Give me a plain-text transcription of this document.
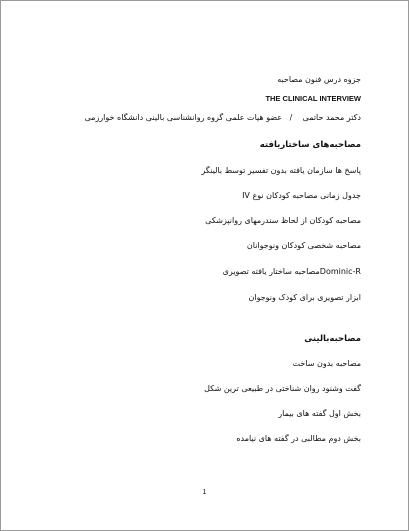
جزوه درس فنون مصاحبه
THE CLINICAL INTERVIEW
دکتر محمد حاتمی    /   عضو هیات علمی گروه روانشناسی بالینی دانشگاه خوارزمی
مصاحبه‌های ساختاریافته
پاسخ ها سازمان یافته بدون تفسیر توسط بالینگر
جدول زمانی مصاحبه کودکان نوع IV
مصاحبه کودکان از لحاظ سندرمهای روانپزشکی
مصاحبه شخصی کودکان ونوجوانان
Dominic-Rمصاحبه ساختار یافته تصویری
ابزار تصویری برای کودک ونوجوان
مصاحبه‌بالینی
مصاحبه بدون ساخت
گفت وشنود روان شناختی در طبیعی ترین شکل
بخش اول گفته های بیمار
بخش دوم مطالبی در گفته های نیامده
1
